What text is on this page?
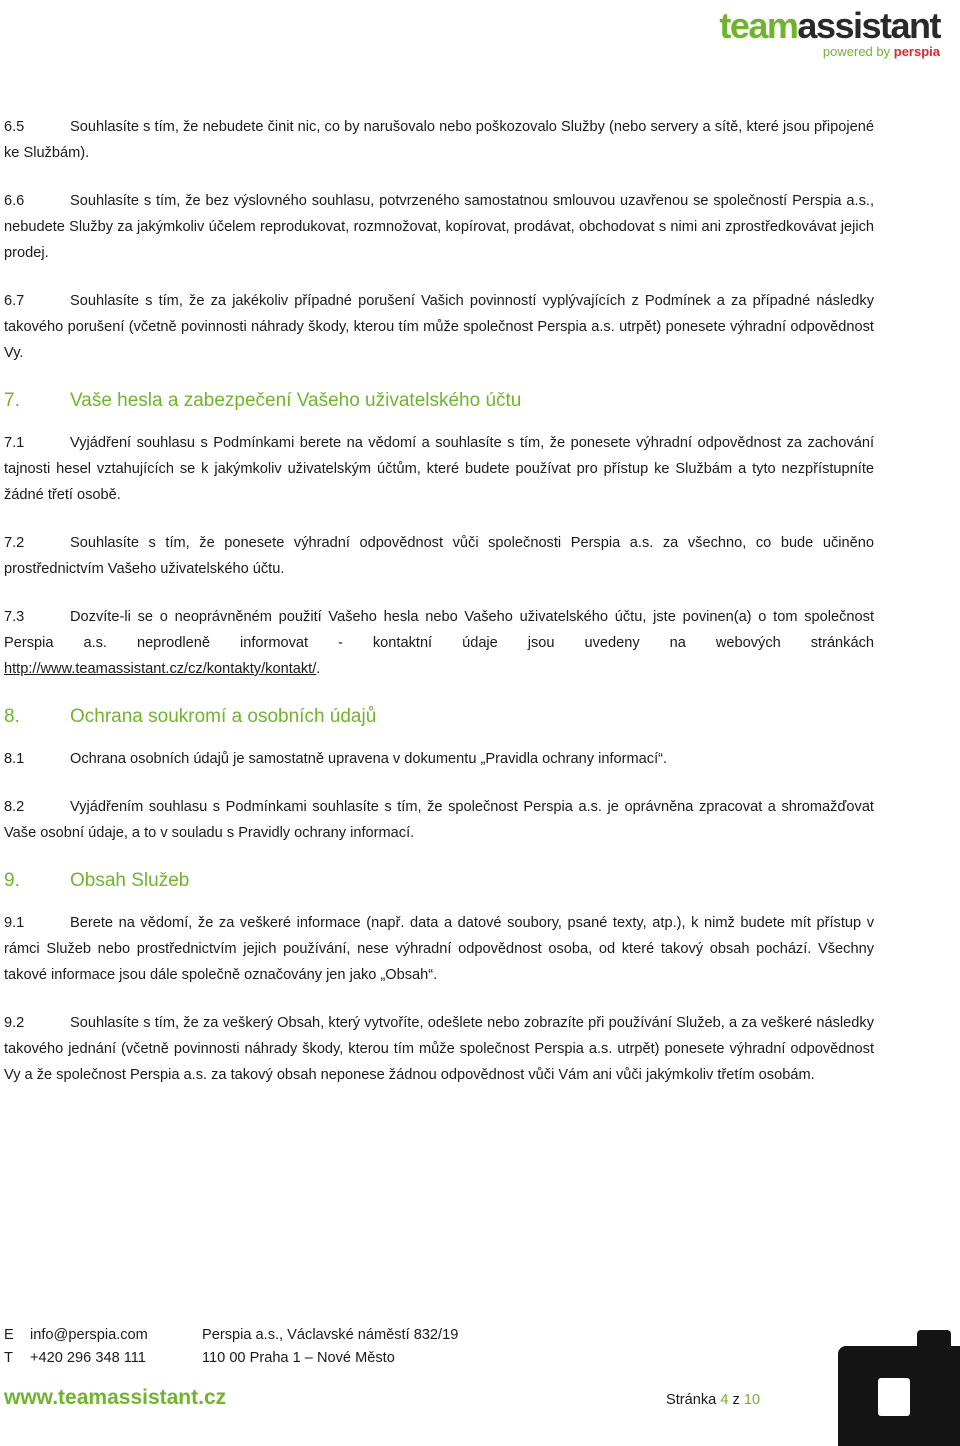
teamassistant
powered by perspia
6.5	Souhlasíte s tím, že nebudete činit nic, co by narušovalo nebo poškozovalo Služby (nebo servery a sítě, které jsou připojené ke Službám).
6.6	Souhlasíte s tím, že bez výslovného souhlasu, potvrzeného samostatnou smlouvou uzavřenou se společností Perspia a.s., nebudete Služby za jakýmkoliv účelem reprodukovat, rozmnožovat, kopírovat, prodávat, obchodovat s nimi ani zprostředkovávat jejich prodej.
6.7	Souhlasíte s tím, že za jakékoliv případné porušení Vašich povinností vyplývajících z Podmínek a za případné následky takového porušení (včetně povinnosti náhrady škody, kterou tím může společnost Perspia a.s. utrpět) ponesete výhradní odpovědnost Vy.
7.	Vaše hesla a zabezpečení Vašeho uživatelského účtu
7.1	Vyjádření souhlasu s Podmínkami berete na vědomí a souhlasíte s tím, že ponesete výhradní odpovědnost za zachování tajnosti hesel vztahujících se k jakýmkoliv uživatelským účtům, které budete používat pro přístup ke Službám a tyto nezpřístupníte žádné třetí osobě.
7.2	Souhlasíte s tím, že ponesete výhradní odpovědnost vůči společnosti Perspia a.s. za všechno, co bude učiněno prostřednictvím Vašeho uživatelského účtu.
7.3	Dozvíte-li se o neoprávněném použití Vašeho hesla nebo Vašeho uživatelského účtu, jste povinen(a) o tom společnost Perspia a.s. neprodleně informovat - kontaktní údaje jsou uvedeny na webových stránkách http://www.teamassistant.cz/cz/kontakty/kontakt/.
8.	Ochrana soukromí a osobních údajů
8.1	Ochrana osobních údajů je samostatně upravena v dokumentu „Pravidla ochrany informací“.
8.2	Vyjádřením souhlasu s Podmínkami souhlasíte s tím, že společnost Perspia a.s. je oprávněna zpracovat a shromažďovat Vaše osobní údaje, a to v souladu s Pravidly ochrany informací.
9.	Obsah Služeb
9.1	Berete na vědomí, že za veškeré informace (např. data a datové soubory, psané texty, atp.), k nimž budete mít přístup v rámci Služeb nebo prostřednictvím jejich používání, nese výhradní odpovědnost osoba, od které takový obsah pochází. Všechny takové informace jsou dále společně označovány jen jako „Obsah“.
9.2	Souhlasíte s tím, že za veškerý Obsah, který vytvoříte, odešlete nebo zobrazíte při používání Služeb, a za veškeré následky takového jednání (včetně povinnosti náhrady škody, kterou tím může společnost Perspia a.s. utrpět) ponesete výhradní odpovědnost Vy a že společnost Perspia a.s. za takový obsah neponese žádnou odpovědnost vůči Vám ani vůči jakýmkoliv třetím osobám.
E info@perspia.com	Perspia a.s., Václavské náměstí 832/19
T +420 296 348 111	110 00 Praha 1 – Nové Město
www.teamassistant.cz	Stránka 4 z 10
